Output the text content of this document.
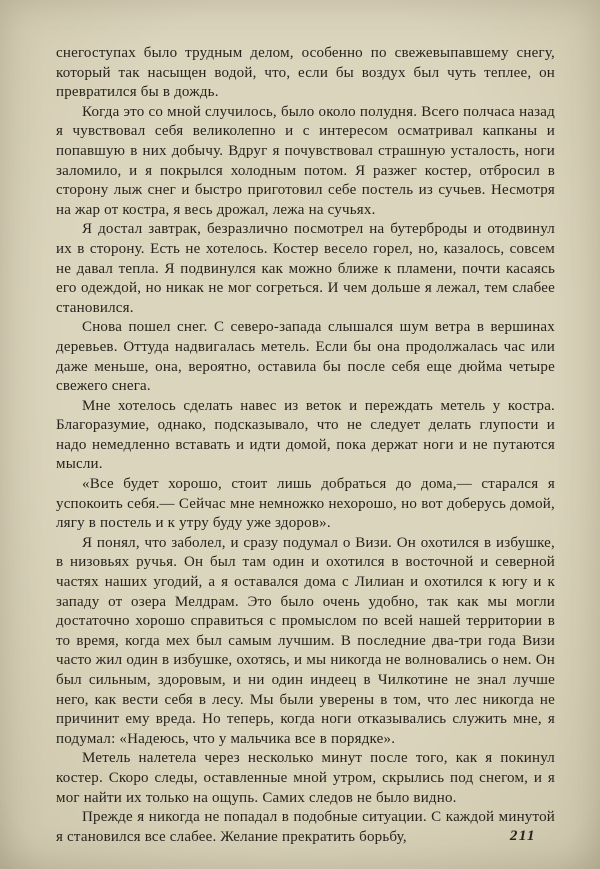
снегоступах было трудным делом, особенно по свежевыпавшему снегу, который так насыщен водой, что, если бы воздух был чуть теплее, он превратился бы в дождь.

Когда это со мной случилось, было около полудня. Всего полчаса назад я чувствовал себя великолепно и с интересом осматривал капканы и попавшую в них добычу. Вдруг я почувствовал страшную усталость, ноги заломило, и я покрылся холодным потом. Я разжег костер, отбросил в сторону лыж снег и быстро приготовил себе постель из сучьев. Несмотря на жар от костра, я весь дрожал, лежа на сучьях.

Я достал завтрак, безразлично посмотрел на бутерброды и отодвинул их в сторону. Есть не хотелось. Костер весело горел, но, казалось, совсем не давал тепла. Я подвинулся как можно ближе к пламени, почти касаясь его одеждой, но никак не мог согреться. И чем дольше я лежал, тем слабее становился.

Снова пошел снег. С северо-запада слышался шум ветра в вершинах деревьев. Оттуда надвигалась метель. Если бы она продолжалась час или даже меньше, она, вероятно, оставила бы после себя еще дюйма четыре свежего снега.

Мне хотелось сделать навес из веток и переждать метель у костра. Благоразумие, однако, подсказывало, что не следует делать глупости и надо немедленно вставать и идти домой, пока держат ноги и не путаются мысли.

«Все будет хорошо, стоит лишь добраться до дома,— старался я успокоить себя.— Сейчас мне немножко нехорошо, но вот доберусь домой, лягу в постель и к утру буду уже здоров».

Я понял, что заболел, и сразу подумал о Визи. Он охотился в избушке, в низовьях ручья. Он был там один и охотился в восточной и северной частях наших угодий, а я оставался дома с Лилиан и охотился к югу и к западу от озера Мелдрам. Это было очень удобно, так как мы могли достаточно хорошо справиться с промыслом по всей нашей территории в то время, когда мех был самым лучшим. В последние два-три года Визи часто жил один в избушке, охотясь, и мы никогда не волновались о нем. Он был сильным, здоровым, и ни один индеец в Чилкотине не знал лучше него, как вести себя в лесу. Мы были уверены в том, что лес никогда не причинит ему вреда. Но теперь, когда ноги отказывались служить мне, я подумал: «Надеюсь, что у мальчика все в порядке».

Метель налетела через несколько минут после того, как я покинул костер. Скоро следы, оставленные мной утром, скрылись под снегом, и я мог найти их только на ощупь. Самих следов не было видно.

Прежде я никогда не попадал в подобные ситуации. С каждой минутой я становился все слабее. Желание прекратить борьбу,	211
